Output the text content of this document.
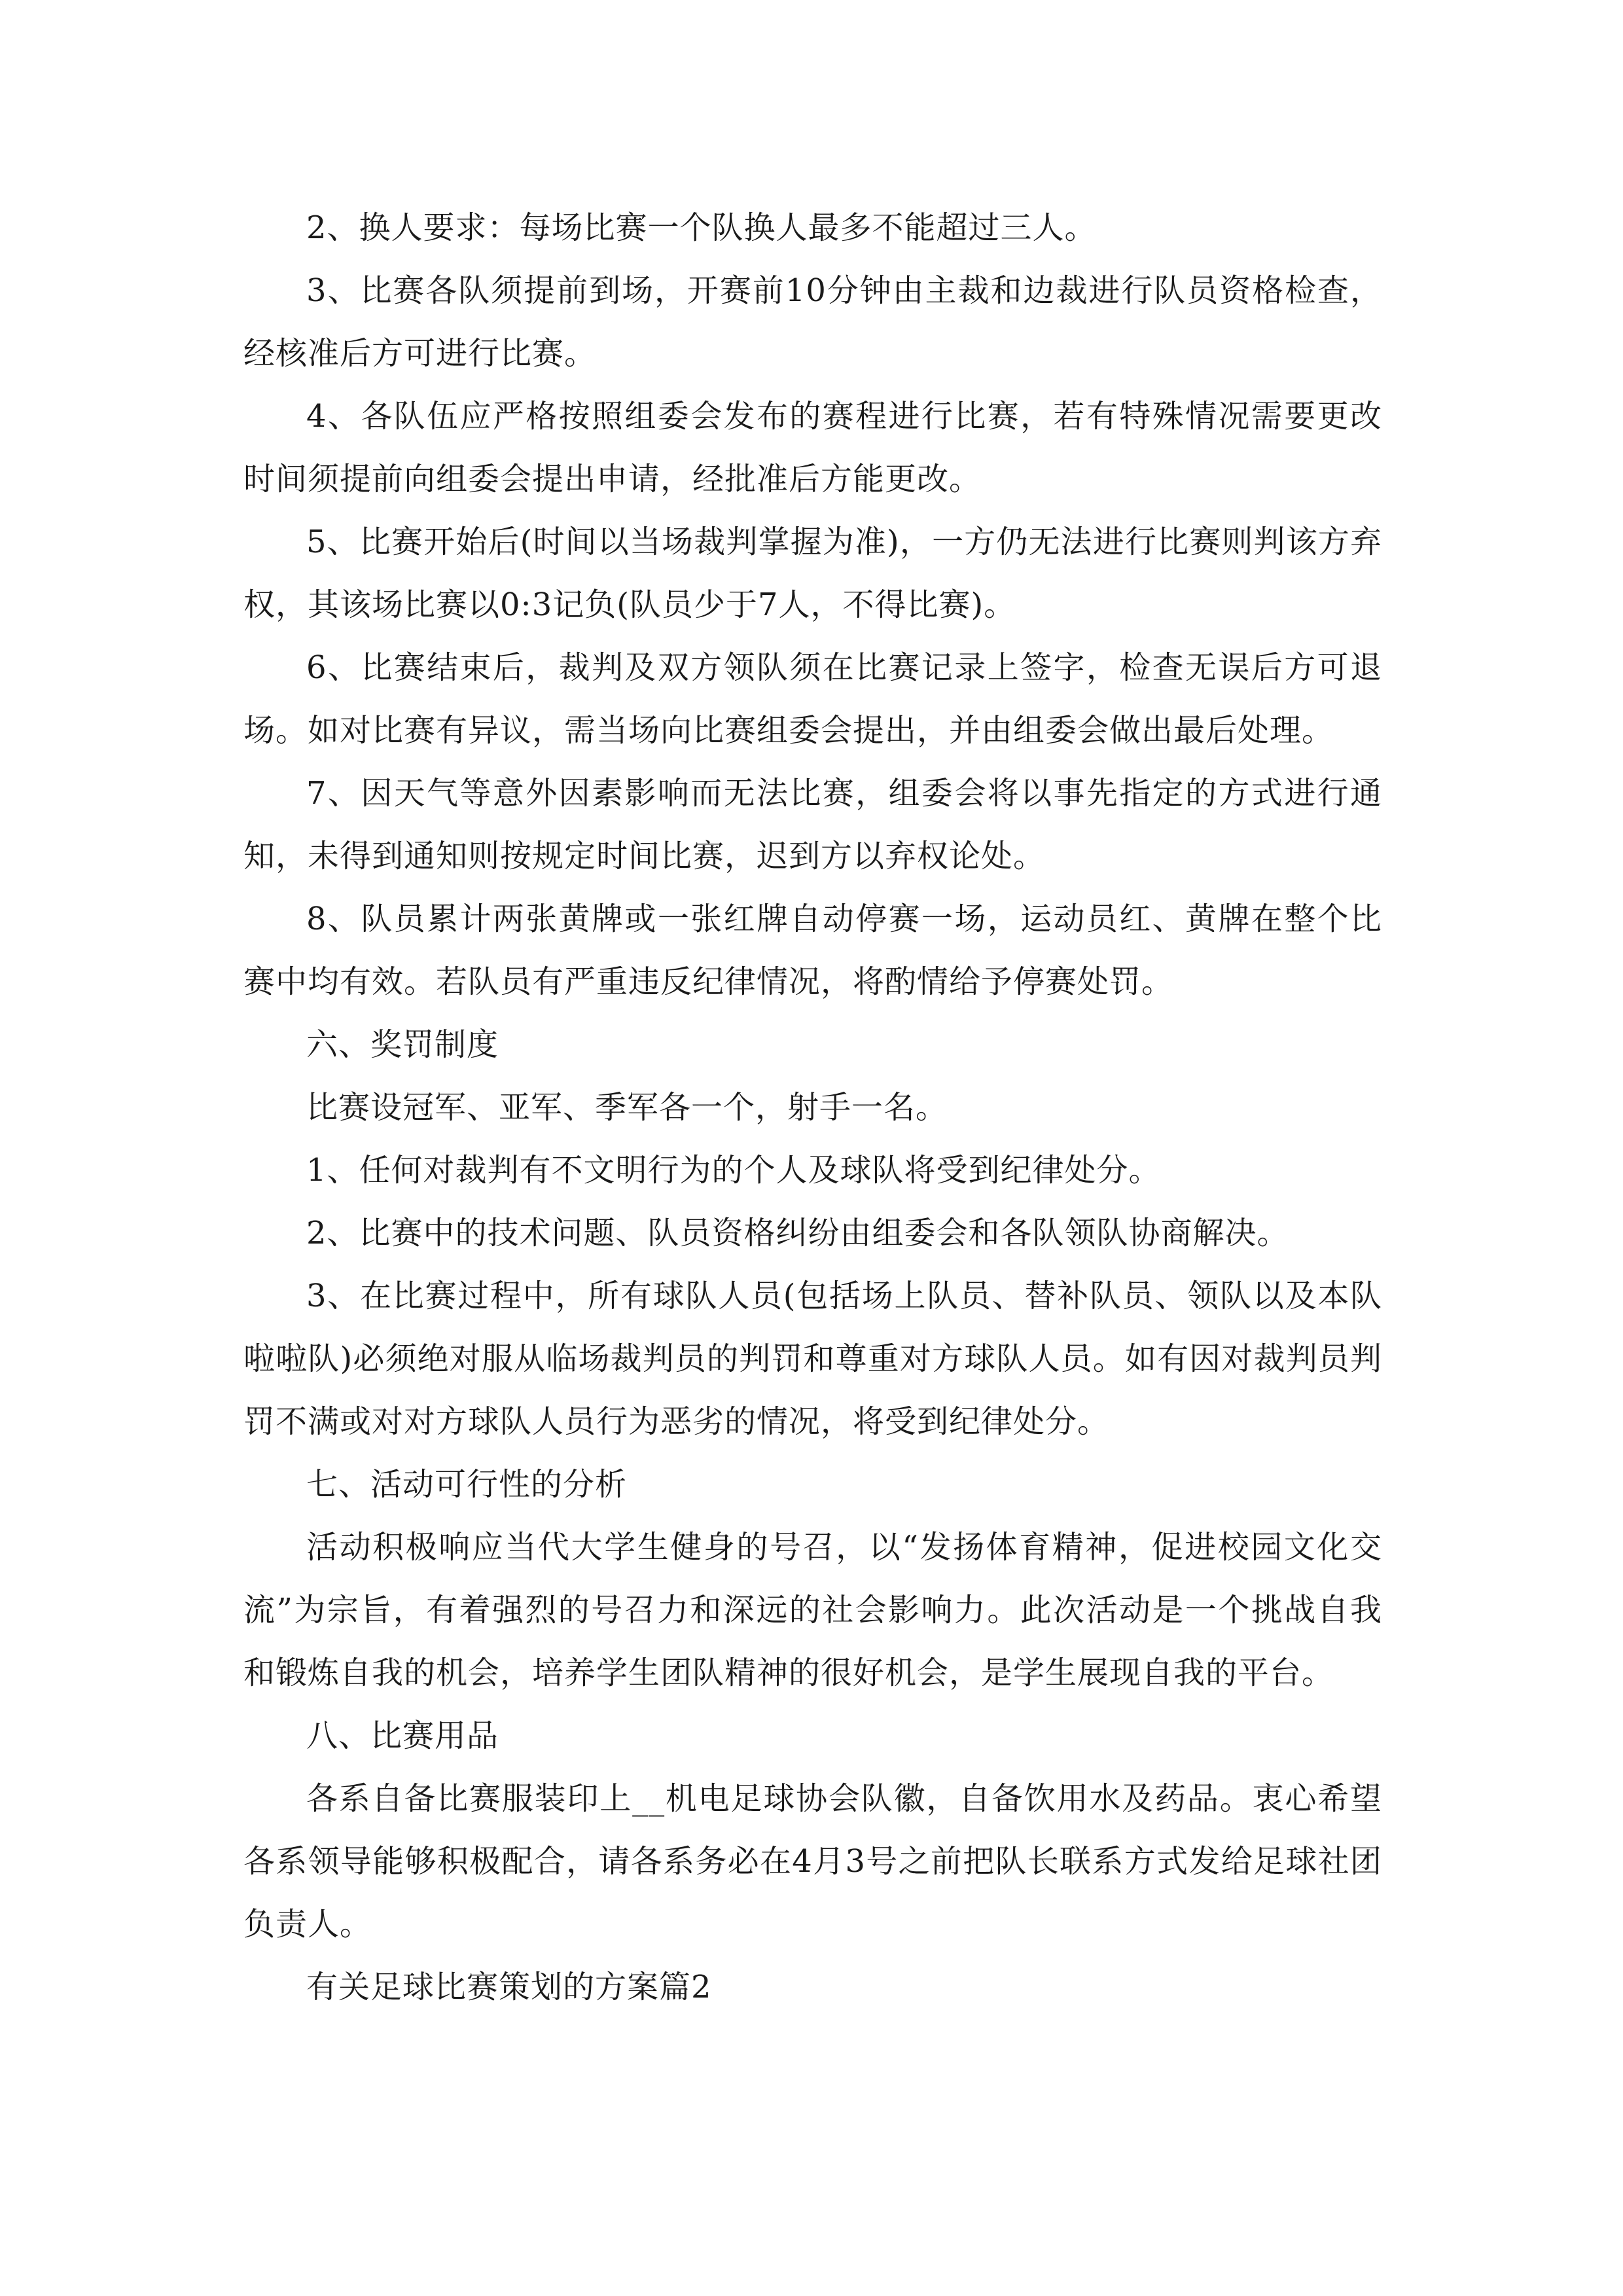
2、换人要求：每场比赛一个队换人最多不能超过三人。

3、比赛各队须提前到场，开赛前10分钟由主裁和边裁进行队员资格检查，经核准后方可进行比赛。

4、各队伍应严格按照组委会发布的赛程进行比赛，若有特殊情况需要更改时间须提前向组委会提出申请，经批准后方能更改。

5、比赛开始后(时间以当场裁判掌握为准)，一方仍无法进行比赛则判该方弃权，其该场比赛以0:3记负(队员少于7人，不得比赛)。

6、比赛结束后，裁判及双方领队须在比赛记录上签字，检查无误后方可退场。如对比赛有异议，需当场向比赛组委会提出，并由组委会做出最后处理。

7、因天气等意外因素影响而无法比赛，组委会将以事先指定的方式进行通知，未得到通知则按规定时间比赛，迟到方以弃权论处。

8、队员累计两张黄牌或一张红牌自动停赛一场，运动员红、黄牌在整个比赛中均有效。若队员有严重违反纪律情况，将酌情给予停赛处罚。

六、奖罚制度

比赛设冠军、亚军、季军各一个，射手一名。

1、任何对裁判有不文明行为的个人及球队将受到纪律处分。

2、比赛中的技术问题、队员资格纠纷由组委会和各队领队协商解决。

3、在比赛过程中，所有球队人员(包括场上队员、替补队员、领队以及本队啦啦队)必须绝对服从临场裁判员的判罚和尊重对方球队人员。如有因对裁判员判罚不满或对对方球队人员行为恶劣的情况，将受到纪律处分。

七、活动可行性的分析

活动积极响应当代大学生健身的号召，以“发扬体育精神，促进校园文化交流”为宗旨，有着强烈的号召力和深远的社会影响力。此次活动是一个挑战自我和锻炼自我的机会，培养学生团队精神的很好机会，是学生展现自我的平台。

八、比赛用品

各系自备比赛服装印上__机电足球协会队徽，自备饮用水及药品。衷心希望各系领导能够积极配合，请各系务必在4月3号之前把队长联系方式发给足球社团负责人。

有关足球比赛策划的方案篇2
